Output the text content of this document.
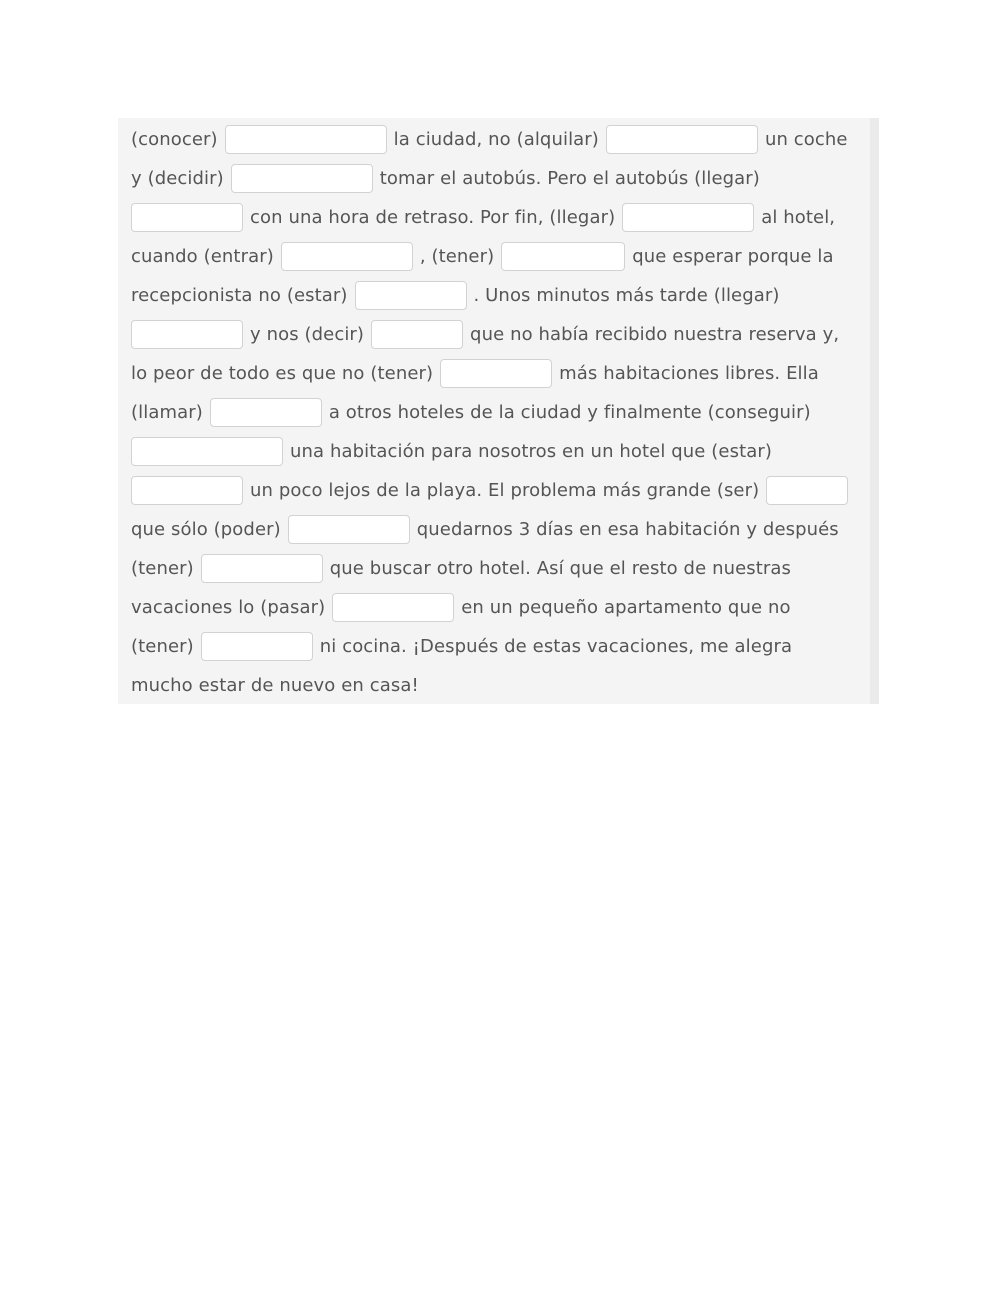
(conocer)	la ciudad, no (alquilar)	un coche
y (decidir)	tomar el autobús. Pero el autobús (llegar)
con una hora de retraso. Por fin, (llegar)	al hotel,
cuando (entrar)	, (tener)	que esperar porque la
recepcionista no (estar)	. Unos minutos más tarde (llegar)
y nos (decir)	que no había recibido nuestra reserva y,
lo peor de todo es que no (tener)	más habitaciones libres. Ella
(llamar)	a otros hoteles de la ciudad y finalmente (conseguir)
una habitación para nosotros en un hotel que (estar)
un poco lejos de la playa. El problema más grande (ser)
que sólo (poder)	quedarnos 3 días en esa habitación y después
(tener)	que buscar otro hotel. Así que el resto de nuestras
vacaciones lo (pasar)	en un pequeño apartamento que no
(tener)	ni cocina. ¡Después de estas vacaciones, me alegra
mucho estar de nuevo en casa!
